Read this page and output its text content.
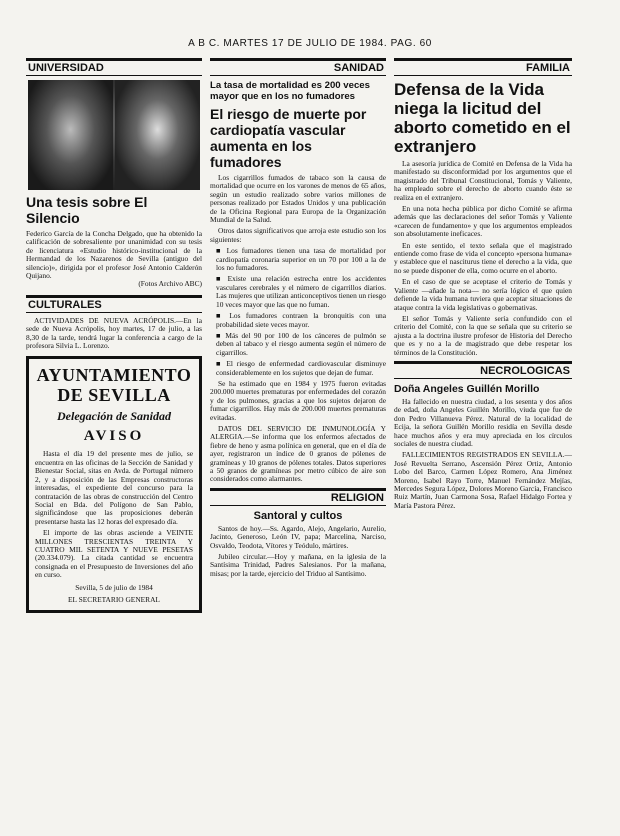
A B C. MARTES 17 DE JULIO DE 1984. PAG. 60
UNIVERSIDAD
Una tesis sobre El Silencio
Federico García de la Concha Delgado, que ha obtenido la calificación de sobresaliente por unanimidad con su tesis de licenciatura «Estudio histórico-institucional de la Hermandad de los Nazarenos de Sevilla (antiguo del silencio)», dirigida por el profesor José Antonio Calderón Quijano.
(Fotos Archivo ABC)
CULTURALES

ACTIVIDADES DE NUEVA ACRÓPOLIS.—En la sede de Nueva Acrópolis, hoy martes, 17 de julio, a las 8,30 de la tarde, tendrá lugar la conferencia a cargo de la profesora Silvia L. Lorenzo.

AYUNTAMIENTO
DE SEVILLA
Delegación de Sanidad
AVISO

Hasta el día 19 del presente mes de julio, se encuentra en las oficinas de la Sección de Sanidad y Bienestar Social, sitas en Avda. de Portugal número 2, y a disposición de las Empresas constructoras interesadas, el expediente del concurso para la contratación de las obras de construcción del Centro Social en Bda. del Polígono de San Pablo, significándose que las proposiciones deberán presentarse hasta las 12 horas del expresado día.

El importe de las obras asciende a VEINTE MILLONES TRESCIENTAS TREINTA Y CUATRO MIL SETENTA Y NUEVE PESETAS (20.334.079). La citada cantidad se encuentra consignada en el Presupuesto de Inversiones del año en curso.

Sevilla, 5 de julio de 1984
EL SECRETARIO GENERAL
SANIDAD
La tasa de mortalidad es 200 veces mayor que en los no fumadores
El riesgo de muerte por cardiopatía vascular aumenta en los fumadores

Los cigarrillos fumados de tabaco son la causa de mortalidad que ocurre en los varones de menos de 65 años, según un estudio realizado sobre varios millones de personas realizado por Estados Unidos y una publicación de la Oficina Regional para Europa de la Organización Mundial de la Salud.

Otros datos significativos que arroja este estudio son los siguientes:

■ Los fumadores tienen una tasa de mortalidad por cardiopatía coronaria superior en un 70 por 100 a la de los no fumadores.

■ Existe una relación estrecha entre los accidentes vasculares cerebrales y el número de cigarrillos diarios. Las mujeres que utilizan anticonceptivos tienen un riesgo 10 veces mayor que las que no fuman.

■ Los fumadores contraen la bronquitis con una probabilidad siete veces mayor.

■ Más del 90 por 100 de los cánceres de pulmón se deben al tabaco y el riesgo aumenta según el número de cigarrillos.

■ El riesgo de enfermedad cardiovascular disminuye considerablemente en los sujetos que dejan de fumar.

Se ha estimado que en 1984 y 1975 fueron evitadas 200.000 muertes prematuras por enfermedades del corazón y de los pulmones, gracias a que los sujetos dejaron de fumar cigarrillos. Hay más de 200.000 muertes prematuras evitadas.

DATOS DEL SERVICIO DE INMUNOLOGÍA Y ALERGIA.—Se informa que los enfermos afectados de fiebre de heno y asma polínica en general, que en el día de ayer, registraron un índice de 0 granos de pólenes de gramíneas y 10 granos de pólenes totales. Datos superiores a 50 granos de gramíneas por metro cúbico de aire son considerados como alarmantes.

RELIGION
Santoral y cultos

Santos de hoy.—Ss. Agardo, Alejo, Angelario, Aurelio, Jacinto, Generoso, León IV, papa; Marcelina, Narciso, Osvaldo, Teodota, Vítores y Teódulo, mártires.

Jubileo circular.—Hoy y mañana, en la iglesia de la Santísima Trinidad, Padres Salesianos. Por la mañana, misas; por la tarde, ejercicio del Triduo al Santísimo.

FAMILIA
Defensa de la Vida niega la licitud del aborto cometido en el extranjero

La asesoría jurídica de Comité en Defensa de la Vida ha manifestado su disconformidad por los argumentos que el magistrado del Tribunal Constitucional, Tomás y Valiente, ha empleado sobre el derecho de aborto cuando éste se realiza en el extranjero.

En una nota hecha pública por dicho Comité se afirma además que las declaraciones del señor Tomás y Valiente «carecen de fundamento» y que los argumentos empleados son absolutamente ineficaces.

En este sentido, el texto señala que el magistrado entiende como frase de vida el concepto «persona humana» y establece que el nasciturus tiene el derecho a la vida, que no se puede disponer de ella, como ocurre en el aborto.

En el caso de que se aceptase el criterio de Tomás y Valiente —añade la nota— no sería lógico el que quien defiende la vida humana tuviera que aceptar situaciones de ataque contra la vida legislativas o gobernativas.

El señor Tomás y Valiente sería confundido con el criterio del Comité, con la que se señala que su criterio se ajusta a la doctrina ilustre profesor de Historia del Derecho que es y no a la de magistrado que debe respetar los términos de la Constitución.

NECROLOGICAS
Doña Angeles Guillén Morillo

Ha fallecido en nuestra ciudad, a los sesenta y dos años de edad, doña Angeles Guillén Morillo, viuda que fue de don Pedro Villanueva Pérez. Natural de la localidad de Ecija, la señora Guillén Morillo residía en Sevilla desde hace muchos años y era muy apreciada en los círculos sociales de nuestra ciudad.

FALLECIMIENTOS REGISTRADOS EN SEVILLA.—José Revuelta Serrano, Ascensión Pérez Ortiz, Antonio Lobo del Barco, Carmen López Romero, Ana Jiménez Moreno, Isabel Rayo Torre, Manuel Fernández Mejías, Mercedes Segura López, Dolores Moreno García, Francisco Ruiz Martín, Juan Carmona Sosa, Rafael Hidalgo Fortea y María Pastora Pérez.
